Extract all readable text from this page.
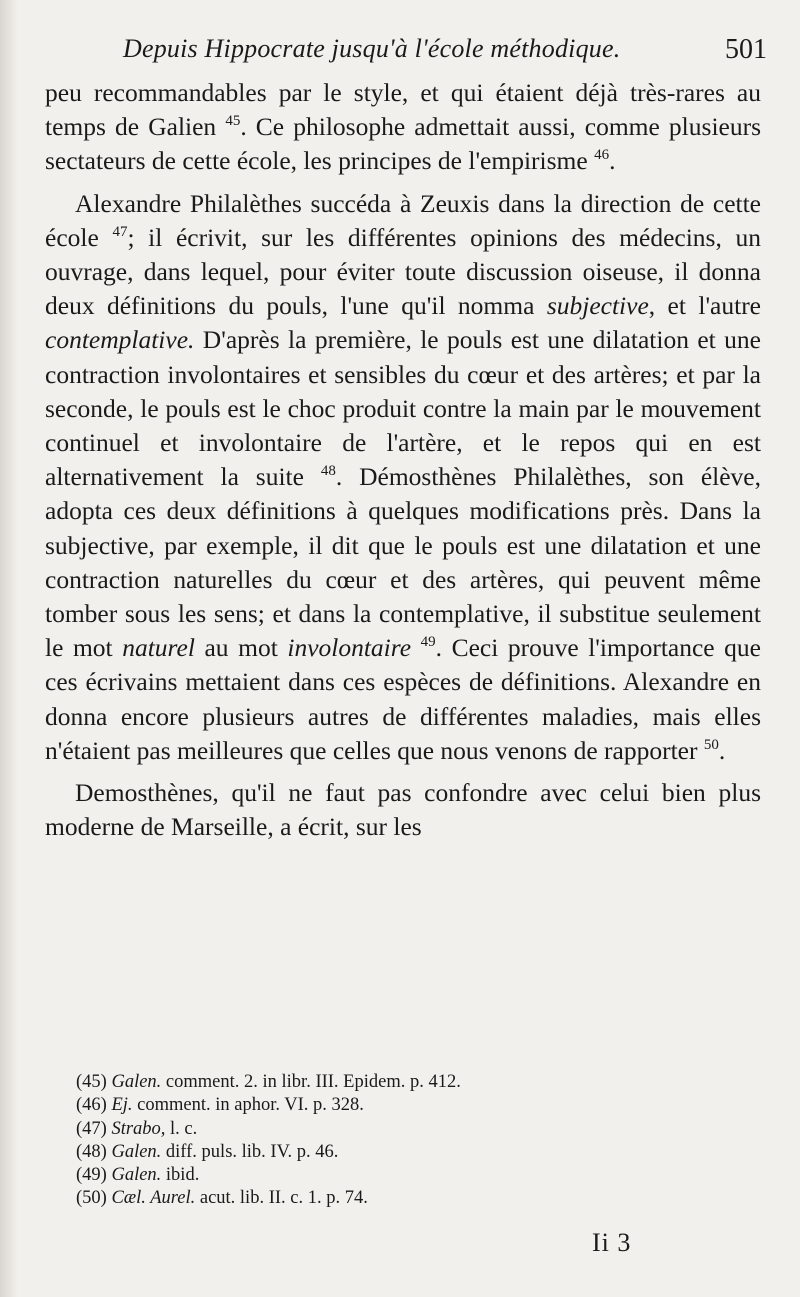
Depuis Hippocrate jusqu'à l'école méthodique.	501

peu recommandables par le style, et qui étaient déjà très-rares au temps de Galien $^{45}$. Ce philosophe admettait aussi, comme plusieurs sectateurs de cette école, les principes de l'empirisme $^{46}$.

Alexandre Philalèthes succéda à Zeuxis dans la direction de cette école $^{47}$; il écrivit, sur les différentes opinions des médecins, un ouvrage, dans lequel, pour éviter toute discussion oiseuse, il donna deux définitions du pouls, l'une qu'il nomma subjective, et l'autre contemplative. D'après la première, le pouls est une dilatation et une contraction involontaires et sensibles du cœur et des artères; et par la seconde, le pouls est le choc produit contre la main par le mouvement continuel et involontaire de l'artère, et le repos qui en est alternativement la suite $^{48}$. Démosthènes Philalèthes, son élève, adopta ces deux définitions à quelques modifications près. Dans la subjective, par exemple, il dit que le pouls est une dilatation et une contraction naturelles du cœur et des artères, qui peuvent même tomber sous les sens; et dans la contemplative, il substitue seulement le mot naturel au mot involontaire $^{49}$. Ceci prouve l'importance que ces écrivains mettaient dans ces espèces de définitions. Alexandre en donna encore plusieurs autres de différentes maladies, mais elles n'étaient pas meilleures que celles que nous venons de rapporter $^{50}$.

Demosthènes, qu'il ne faut pas confondre avec celui bien plus moderne de Marseille, a écrit, sur les

(45) Galen. comment. 2. in libr. III. Epidem. p. 412.
(46) Ej. comment. in aphor. VI. p. 328.
(47) Strabo, l. c.
(48) Galen. diff. puls. lib. IV. p. 46.
(49) Galen. ibid.
(50) Cæl. Aurel. acut. lib. II. c. 1. p. 74.
Ii 3
